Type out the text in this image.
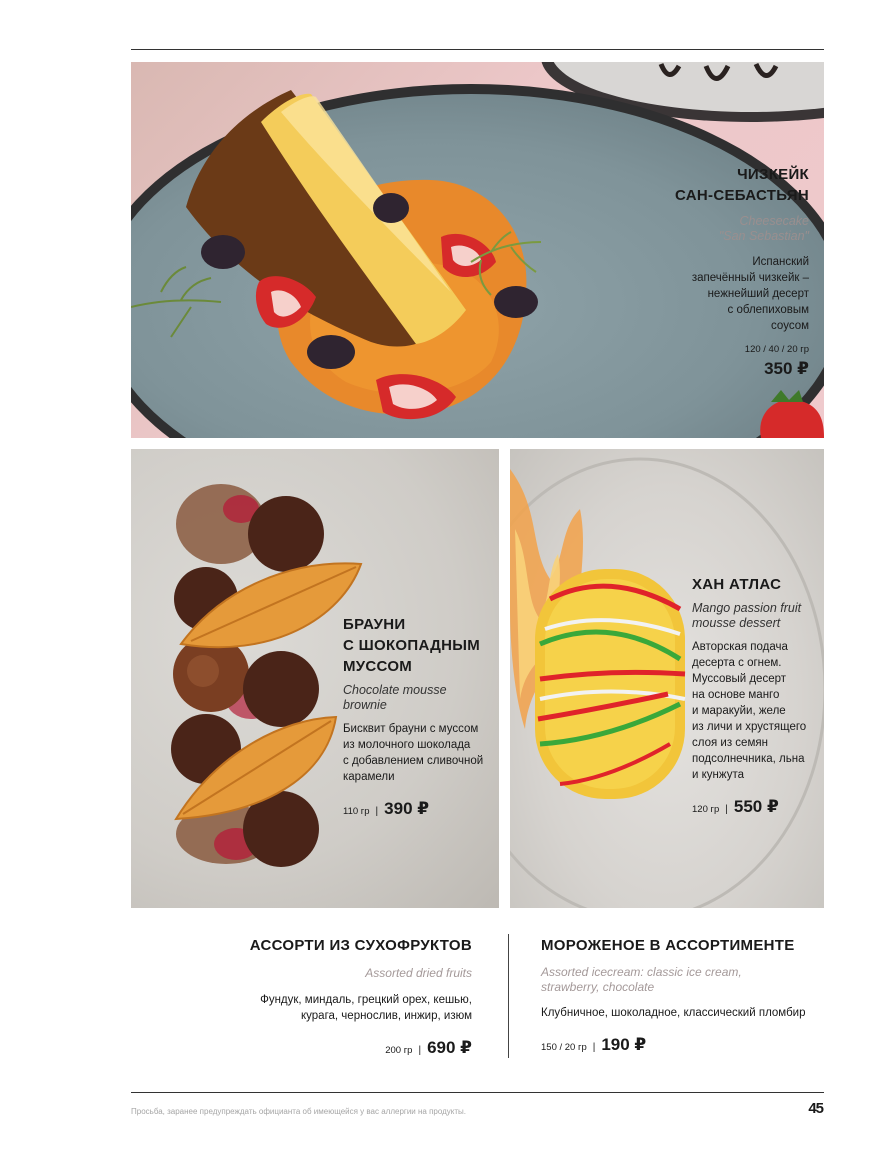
ЧИЗКЕЙК
САН-СЕБАСТЬЯН
Cheesecake
"San Sebastian"
Испанский
запечённый чизкейк –
нежнейший десерт
с облепиховым
соусом
120 / 40 / 20 гр
350 ₽
БРАУНИ
С ШОКОПАДНЫМ
МУССОМ
Chocolate mousse
brownie
Бисквит брауни с муссом
из молочного шоколада
с добавлением сливочной
карамели
110 гр | 390 ₽
ХАН АТЛАС
Mango passion fruit
mousse dessert
Авторская подача
десерта с огнем.
Муссовый десерт
на основе манго
и маракуйи, желе
из личи и хрустящего
слоя из семян
подсолнечника, льна
и кунжута
120 гр | 550 ₽
АССОРТИ ИЗ СУХОФРУКТОВ
Assorted dried fruits
Фундук, миндаль, грецкий орех, кешью,
курага, чернослив, инжир, изюм
200 гр | 690 ₽
МОРОЖЕНОЕ В АССОРТИМЕНТЕ
Assorted icecream: classic ice cream,
strawberry, chocolate
Клубничное, шоколадное, классический пломбир
150 / 20 гр | 190 ₽
Просьба, заранее предупреждать официанта об имеющейся у вас аллергии на продукты.	45
